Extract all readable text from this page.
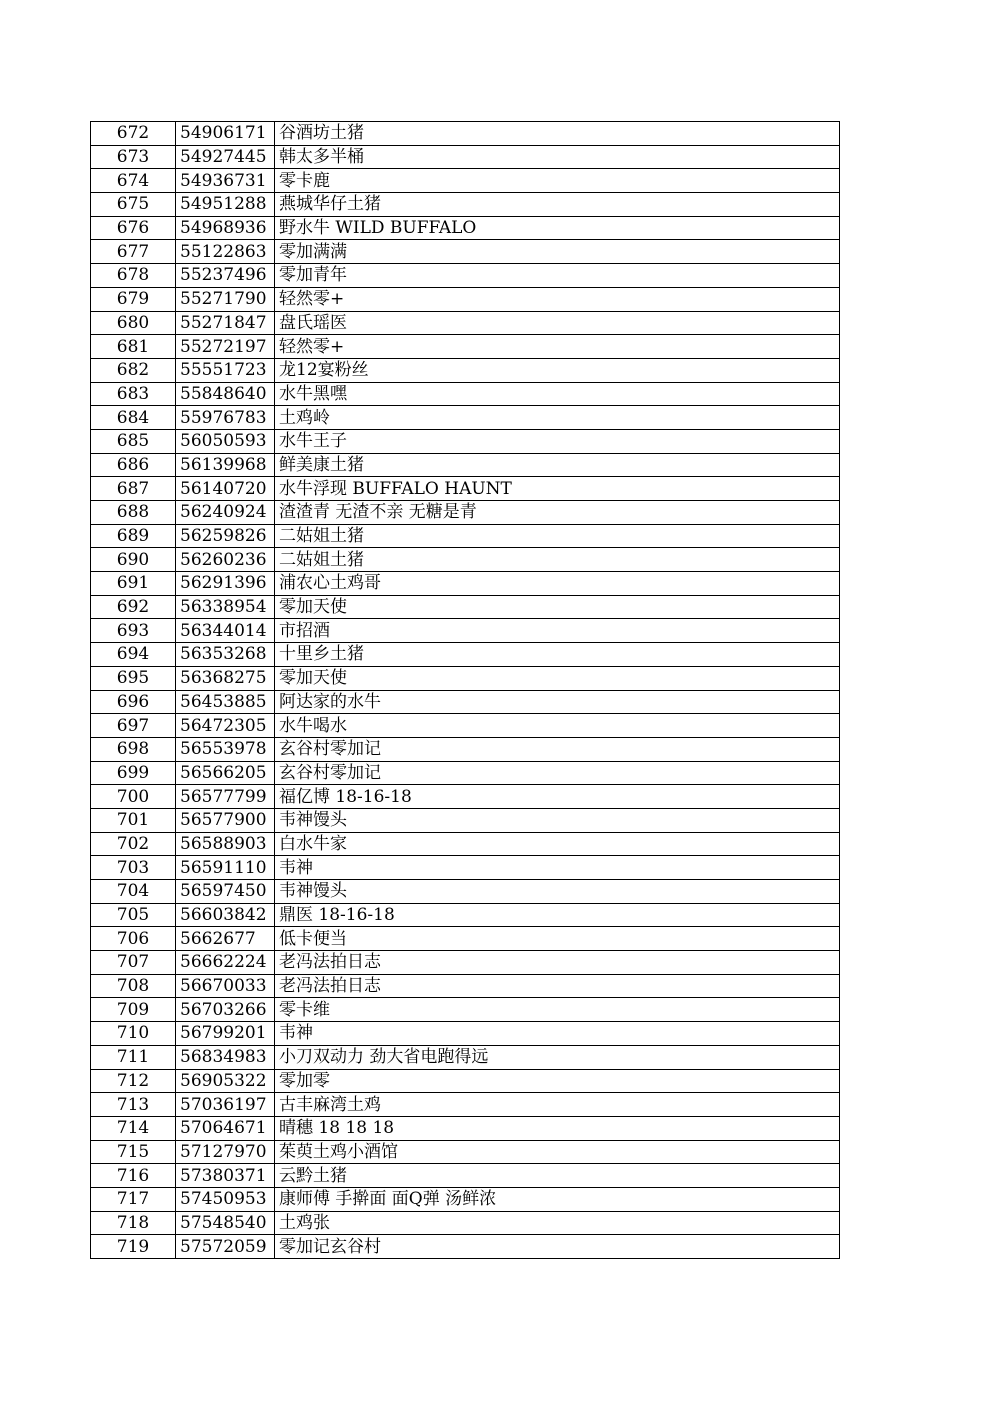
672	54906171	谷酒坊土猪
673	54927445	韩太多半桶
674	54936731	零卡鹿
675	54951288	燕城华仔土猪
676	54968936	野水牛 WILD BUFFALO
677	55122863	零加满满
678	55237496	零加青年
679	55271790	轻然零+
680	55271847	盘氏瑶医
681	55272197	轻然零+
682	55551723	龙12宴粉丝
683	55848640	水牛黑嘿
684	55976783	土鸡岭
685	56050593	水牛王子
686	56139968	鲜美康土猪
687	56140720	水牛浮现 BUFFALO HAUNT
688	56240924	渣渣青 无渣不亲 无糖是青
689	56259826	二姑姐土猪
690	56260236	二姑姐土猪
691	56291396	浦农心土鸡哥
692	56338954	零加天使
693	56344014	市招酒
694	56353268	十里乡土猪
695	56368275	零加天使
696	56453885	阿达家的水牛
697	56472305	水牛喝水
698	56553978	玄谷村零加记
699	56566205	玄谷村零加记
700	56577799	福亿博 18-16-18
701	56577900	韦神馒头
702	56588903	白水牛家
703	56591110	韦神
704	56597450	韦神馒头
705	56603842	鼎医 18-16-18
706	5662677	低卡便当
707	56662224	老冯法拍日志
708	56670033	老冯法拍日志
709	56703266	零卡维
710	56799201	韦神
711	56834983	小刀双动力 劲大省电跑得远
712	56905322	零加零
713	57036197	古丰麻湾土鸡
714	57064671	晴穗 18 18 18
715	57127970	茱萸土鸡小酒馆
716	57380371	云黔土猪
717	57450953	康师傅 手擀面 面Q弹 汤鲜浓
718	57548540	土鸡张
719	57572059	零加记玄谷村
